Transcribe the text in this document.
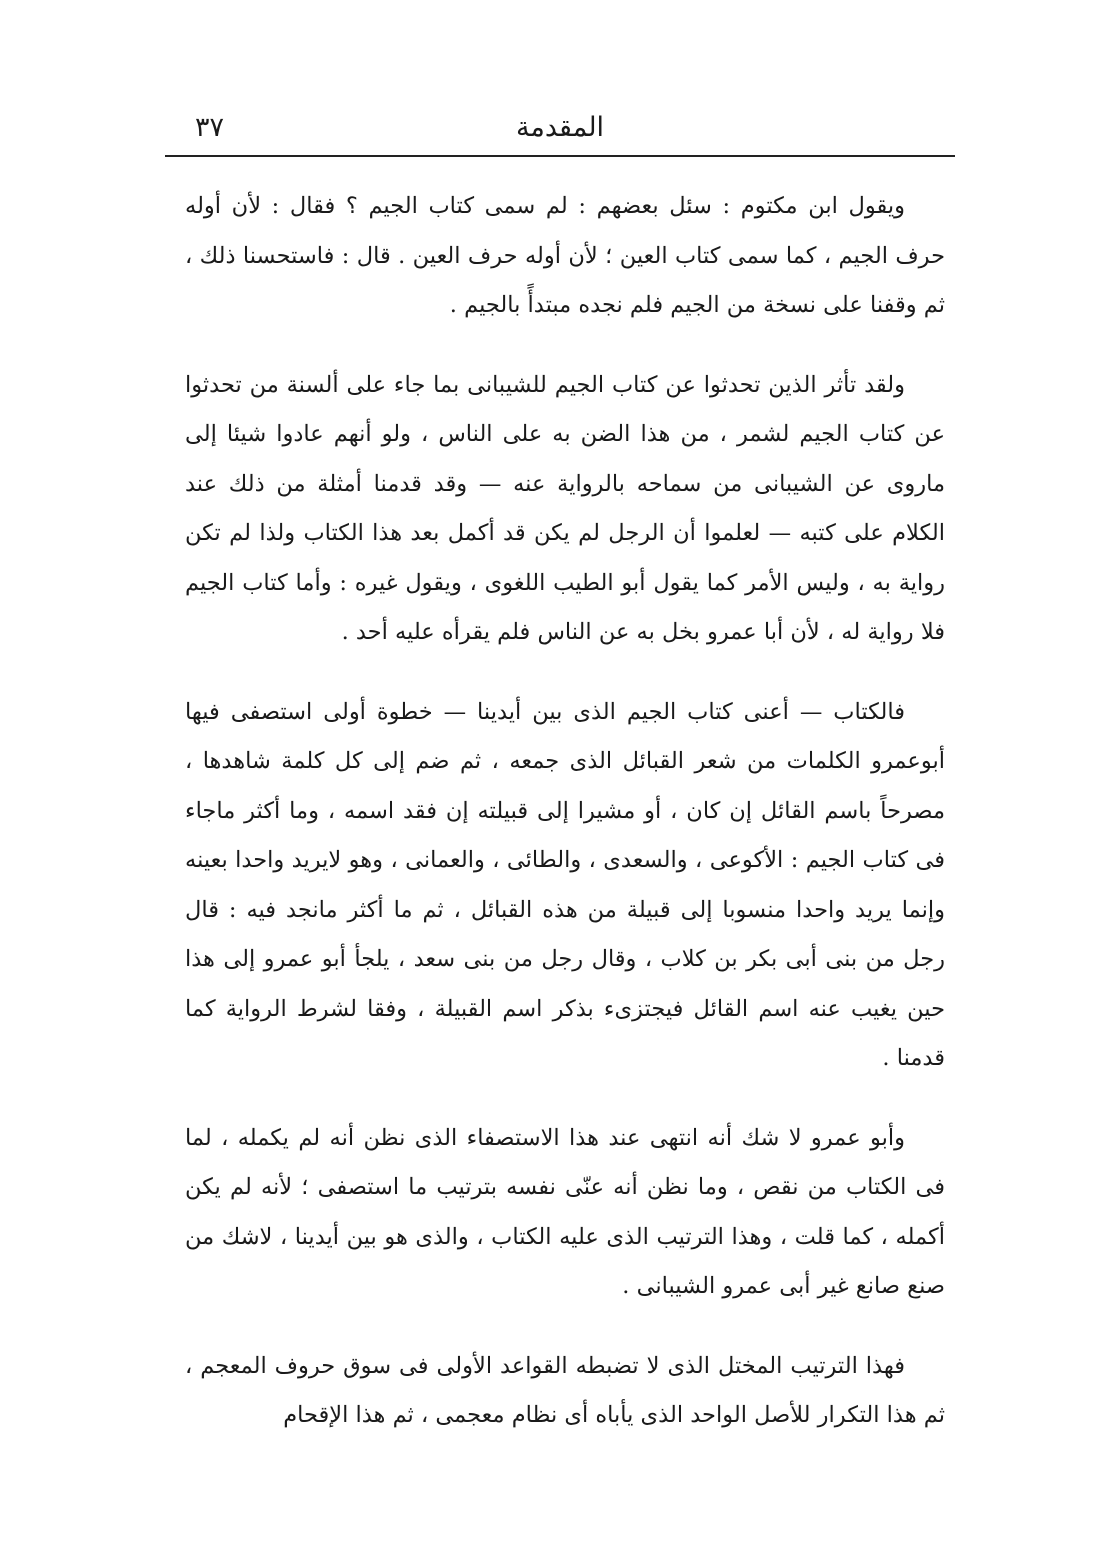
المقدمة
٣٧

ويقول ابن مكتوم : سئل بعضهم : لم سمى كتاب الجيم ؟ فقال : لأن أوله حرف الجيم ، كما سمى كتاب العين ؛ لأن أوله حرف العين . قال : فاستحسنا ذلك ، ثم وقفنا على نسخة من الجيم فلم نجده مبتدأً بالجيم .

ولقد تأثر الذين تحدثوا عن كتاب الجيم للشيبانى بما جاء على ألسنة من تحدثوا عن كتاب الجيم لشمر ، من هذا الضن به على الناس ، ولو أنهم عادوا شيئا إلى ماروى عن الشيبانى من سماحه بالرواية عنه — وقد قدمنا أمثلة من ذلك عند الكلام على كتبه — لعلموا أن الرجل لم يكن قد أكمل بعد هذا الكتاب ولذا لم تكن رواية به ، وليس الأمر كما يقول أبو الطيب اللغوى ، ويقول غيره : وأما كتاب الجيم فلا رواية له ، لأن أبا عمرو بخل به عن الناس فلم يقرأه عليه أحد .

فالكتاب — أعنى كتاب الجيم الذى بين أيدينا — خطوة أولى استصفى فيها أبوعمرو الكلمات من شعر القبائل الذى جمعه ، ثم ضم إلى كل كلمة شاهدها ، مصرحاً باسم القائل إن كان ، أو مشيرا إلى قبيلته إن فقد اسمه ، وما أكثر ماجاء فى كتاب الجيم : الأكوعى ، والسعدى ، والطائى ، والعمانى ، وهو لايريد واحدا بعينه وإنما يريد واحدا منسوبا إلى قبيلة من هذه القبائل ، ثم ما أكثر مانجد فيه : قال رجل من بنى أبى بكر بن كلاب ، وقال رجل من بنى سعد ، يلجأ أبو عمرو إلى هذا حين يغيب عنه اسم القائل فيجتزىء بذكر اسم القبيلة ، وفقا لشرط الرواية كما قدمنا .

وأبو عمرو لا شك أنه انتهى عند هذا الاستصفاء الذى نظن أنه لم يكمله ، لما فى الكتاب من نقص ، وما نظن أنه عنّى نفسه بترتيب ما استصفى ؛ لأنه لم يكن أكمله ، كما قلت ، وهذا الترتيب الذى عليه الكتاب ، والذى هو بين أيدينا ، لاشك من صنع صانع غير أبى عمرو الشيبانى .

فهذا الترتيب المختل الذى لا تضبطه القواعد الأولى فى سوق حروف المعجم ، ثم هذا التكرار للأصل الواحد الذى يأباه أى نظام معجمى ، ثم هذا الإقحام
